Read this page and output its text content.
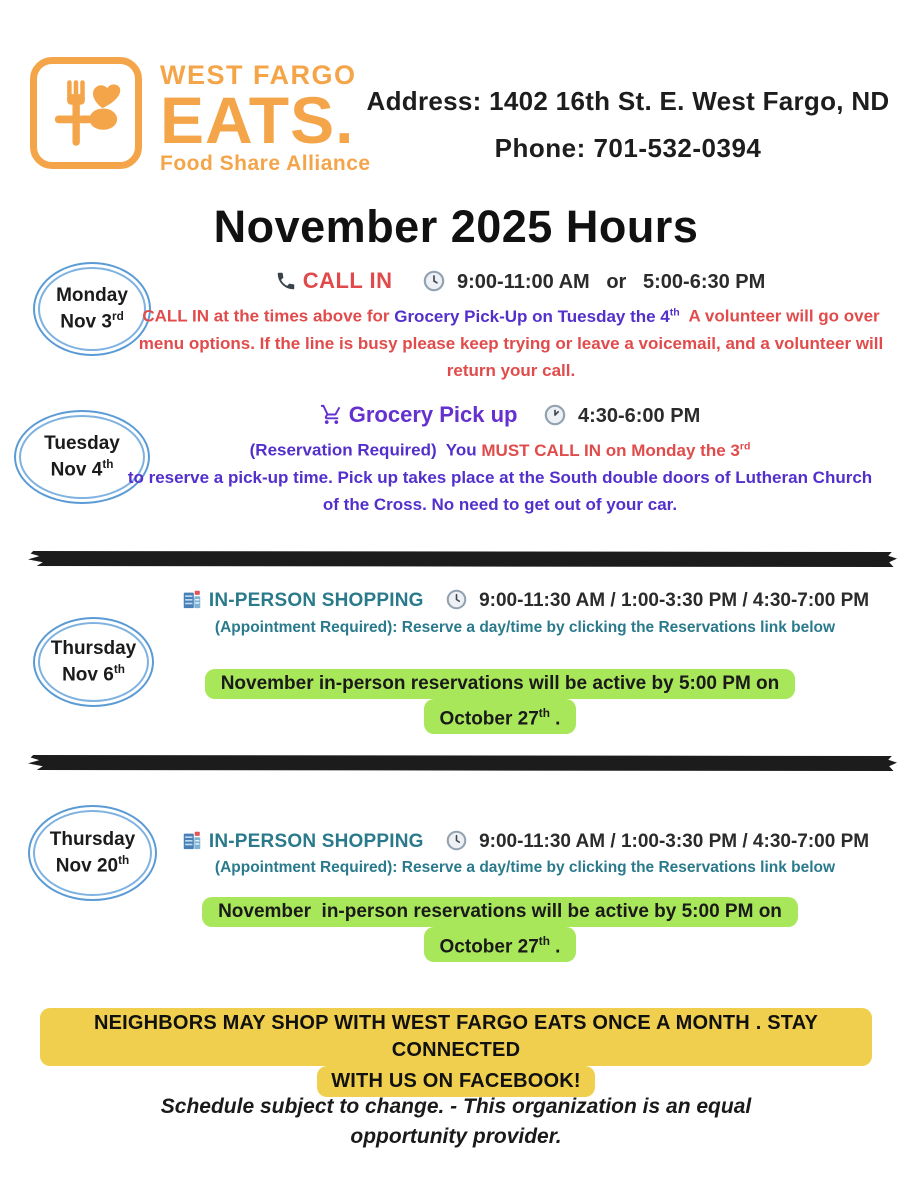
WEST FARGO
EATS.
Food Share Alliance
Address: 1402 16th St. E. West Fargo, ND
Phone: 701-532-0394
November 2025 Hours
Monday
Nov 3rd
CALL IN	9:00-11:00 AM   or   5:00-6:30 PM
CALL IN at the times above for Grocery Pick-Up on Tuesday the 4th  A volunteer will go over menu options. If the line is busy please keep trying or leave a voicemail, and a volunteer will return your call.
Tuesday
Nov 4th
Grocery Pick up	4:30-6:00 PM
(Reservation Required)  You MUST CALL IN on Monday the 3rd
to reserve a pick-up time. Pick up takes place at the South double doors of Lutheran Church of the Cross. No need to get out of your car.
IN-PERSON SHOPPING	9:00-11:30 AM / 1:00-3:30 PM / 4:30-7:00 PM
(Appointment Required): Reserve a day/time by clicking the Reservations link below
Thursday
Nov 6th
November in-person reservations will be active by 5:00 PM on
October 27th .
Thursday
Nov 20th
IN-PERSON SHOPPING	9:00-11:30 AM / 1:00-3:30 PM / 4:30-7:00 PM
(Appointment Required): Reserve a day/time by clicking the Reservations link below
November  in-person reservations will be active by 5:00 PM on
October 27th .
NEIGHBORS MAY SHOP WITH WEST FARGO EATS ONCE A MONTH . STAY CONNECTED
WITH US ON FACEBOOK!
Schedule subject to change. - This organization is an equal
opportunity provider.
